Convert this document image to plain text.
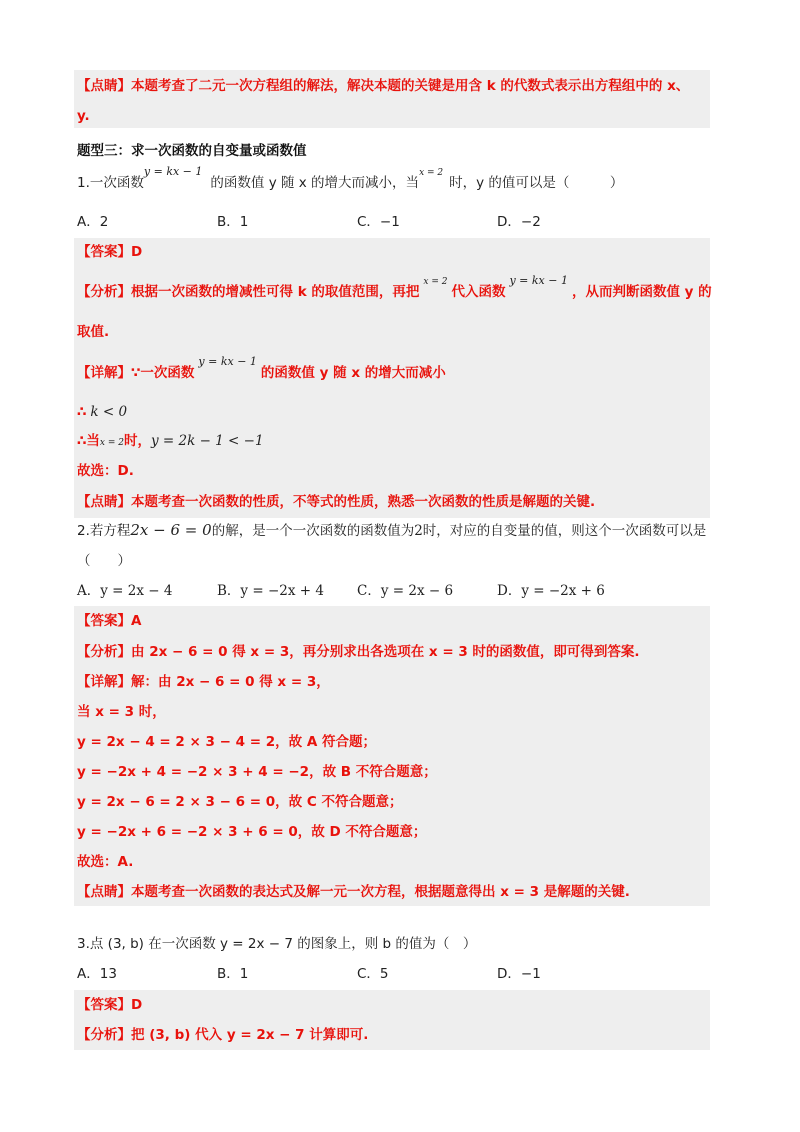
【点睛】本题考查了二元一次方程组的解法，解决本题的关键是用含 k 的代数式表示出方程组中的 x、
y.
题型三：求一次函数的自变量或函数值
1.一次函数$^{y = kx - 1}$的函数值 y 随 x 的增大而减小，当$^{x = 2}$时，y 的值可以是（　　　）
A．2	B．1	C．−1	D．−2
【答案】D
【分析】根据一次函数的增减性可得 k 的取值范围，再把$^{x = 2}$代入函数$^{y = kx - 1}$，从而判断函数值 y 的
取值.
【详解】∵一次函数$^{y = kx - 1}$的函数值 y 随 x 的增大而减小
∴ k < 0
∴当x = 2时，y = 2k − 1 < −1
故选：D.
【点睛】本题考查一次函数的性质，不等式的性质，熟悉一次函数的性质是解题的关键.
2.若方程2x − 6 = 0的解，是一个一次函数的函数值为2时，对应的自变量的值，则这个一次函数可以是
（　　）
A．y = 2x − 4	B．y = −2x + 4 C．y = 2x − 6	D．y = −2x + 6
【答案】A
【分析】由 2x − 6 = 0 得 x = 3，再分别求出各选项在 x = 3 时的函数值，即可得到答案.
【详解】解：由 2x − 6 = 0 得 x = 3，
当 x = 3 时，
y = 2x − 4 = 2 × 3 − 4 = 2，故 A 符合题；
y = −2x + 4 = −2 × 3 + 4 = −2，故 B 不符合题意；
y = 2x − 6 = 2 × 3 − 6 = 0，故 C 不符合题意；
y = −2x + 6 = −2 × 3 + 6 = 0，故 D 不符合题意；
故选：A.
【点睛】本题考查一次函数的表达式及解一元一次方程，根据题意得出 x = 3 是解题的关键.
3.点 (3, b) 在一次函数 y = 2x − 7 的图象上，则 b 的值为（　）
A．13	B．1	C．5	D．−1
【答案】D
【分析】把 (3, b) 代入 y = 2x − 7 计算即可.
